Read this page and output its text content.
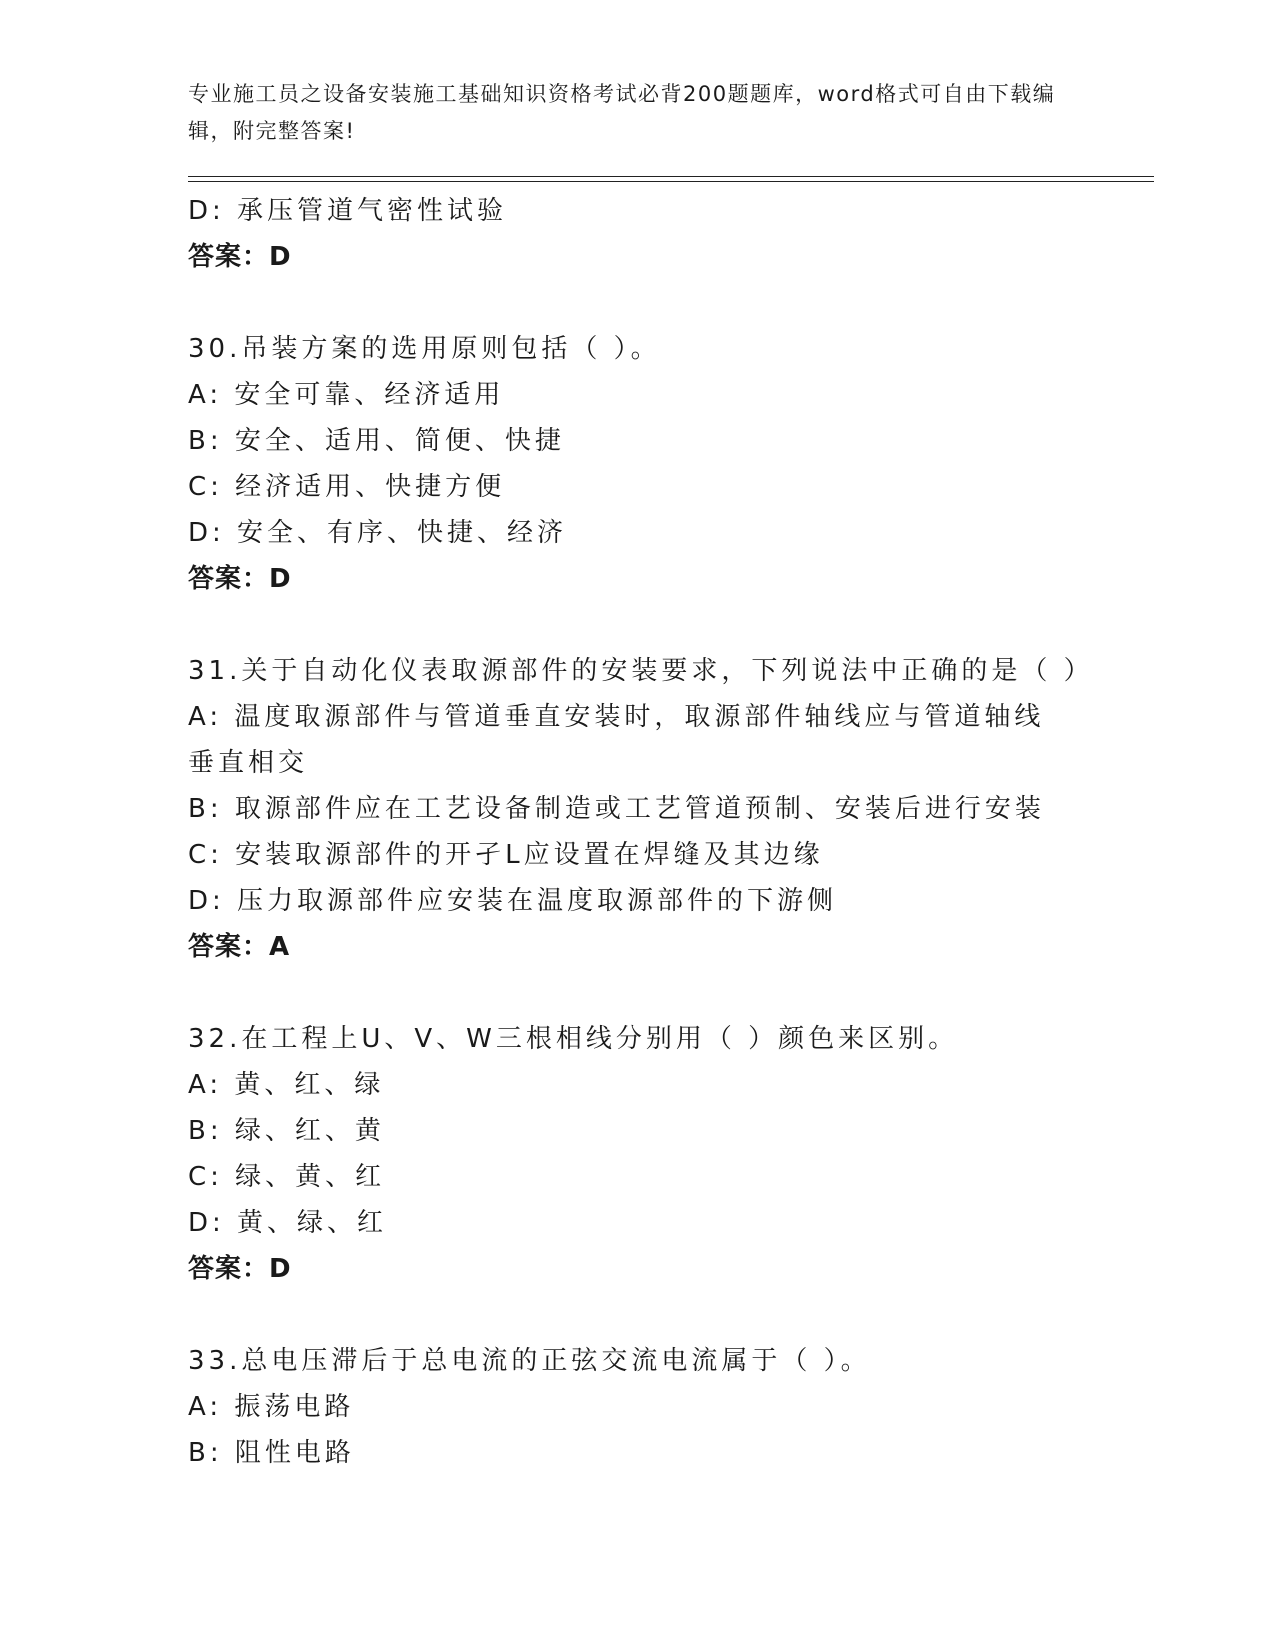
专业施工员之设备安装施工基础知识资格考试必背200题题库，word格式可自由下载编辑，附完整答案!
D: 承压管道气密性试验
答案：D
30.吊装方案的选用原则包括（ ）。
A: 安全可靠、经济适用
B: 安全、适用、简便、快捷
C: 经济适用、快捷方便
D: 安全、有序、快捷、经济
答案：D
31.关于自动化仪表取源部件的安装要求，下列说法中正确的是（ ）
A: 温度取源部件与管道垂直安装时，取源部件轴线应与管道轴线垂直相交
B: 取源部件应在工艺设备制造或工艺管道预制、安装后进行安装
C: 安装取源部件的开孑L应设置在焊缝及其边缘
D: 压力取源部件应安装在温度取源部件的下游侧
答案：A
32.在工程上U、V、W三根相线分别用（ ）颜色来区别。
A: 黄、红、绿
B: 绿、红、黄
C: 绿、黄、红
D: 黄、绿、红
答案：D
33.总电压滞后于总电流的正弦交流电流属于（ ）。
A: 振荡电路
B: 阻性电路
